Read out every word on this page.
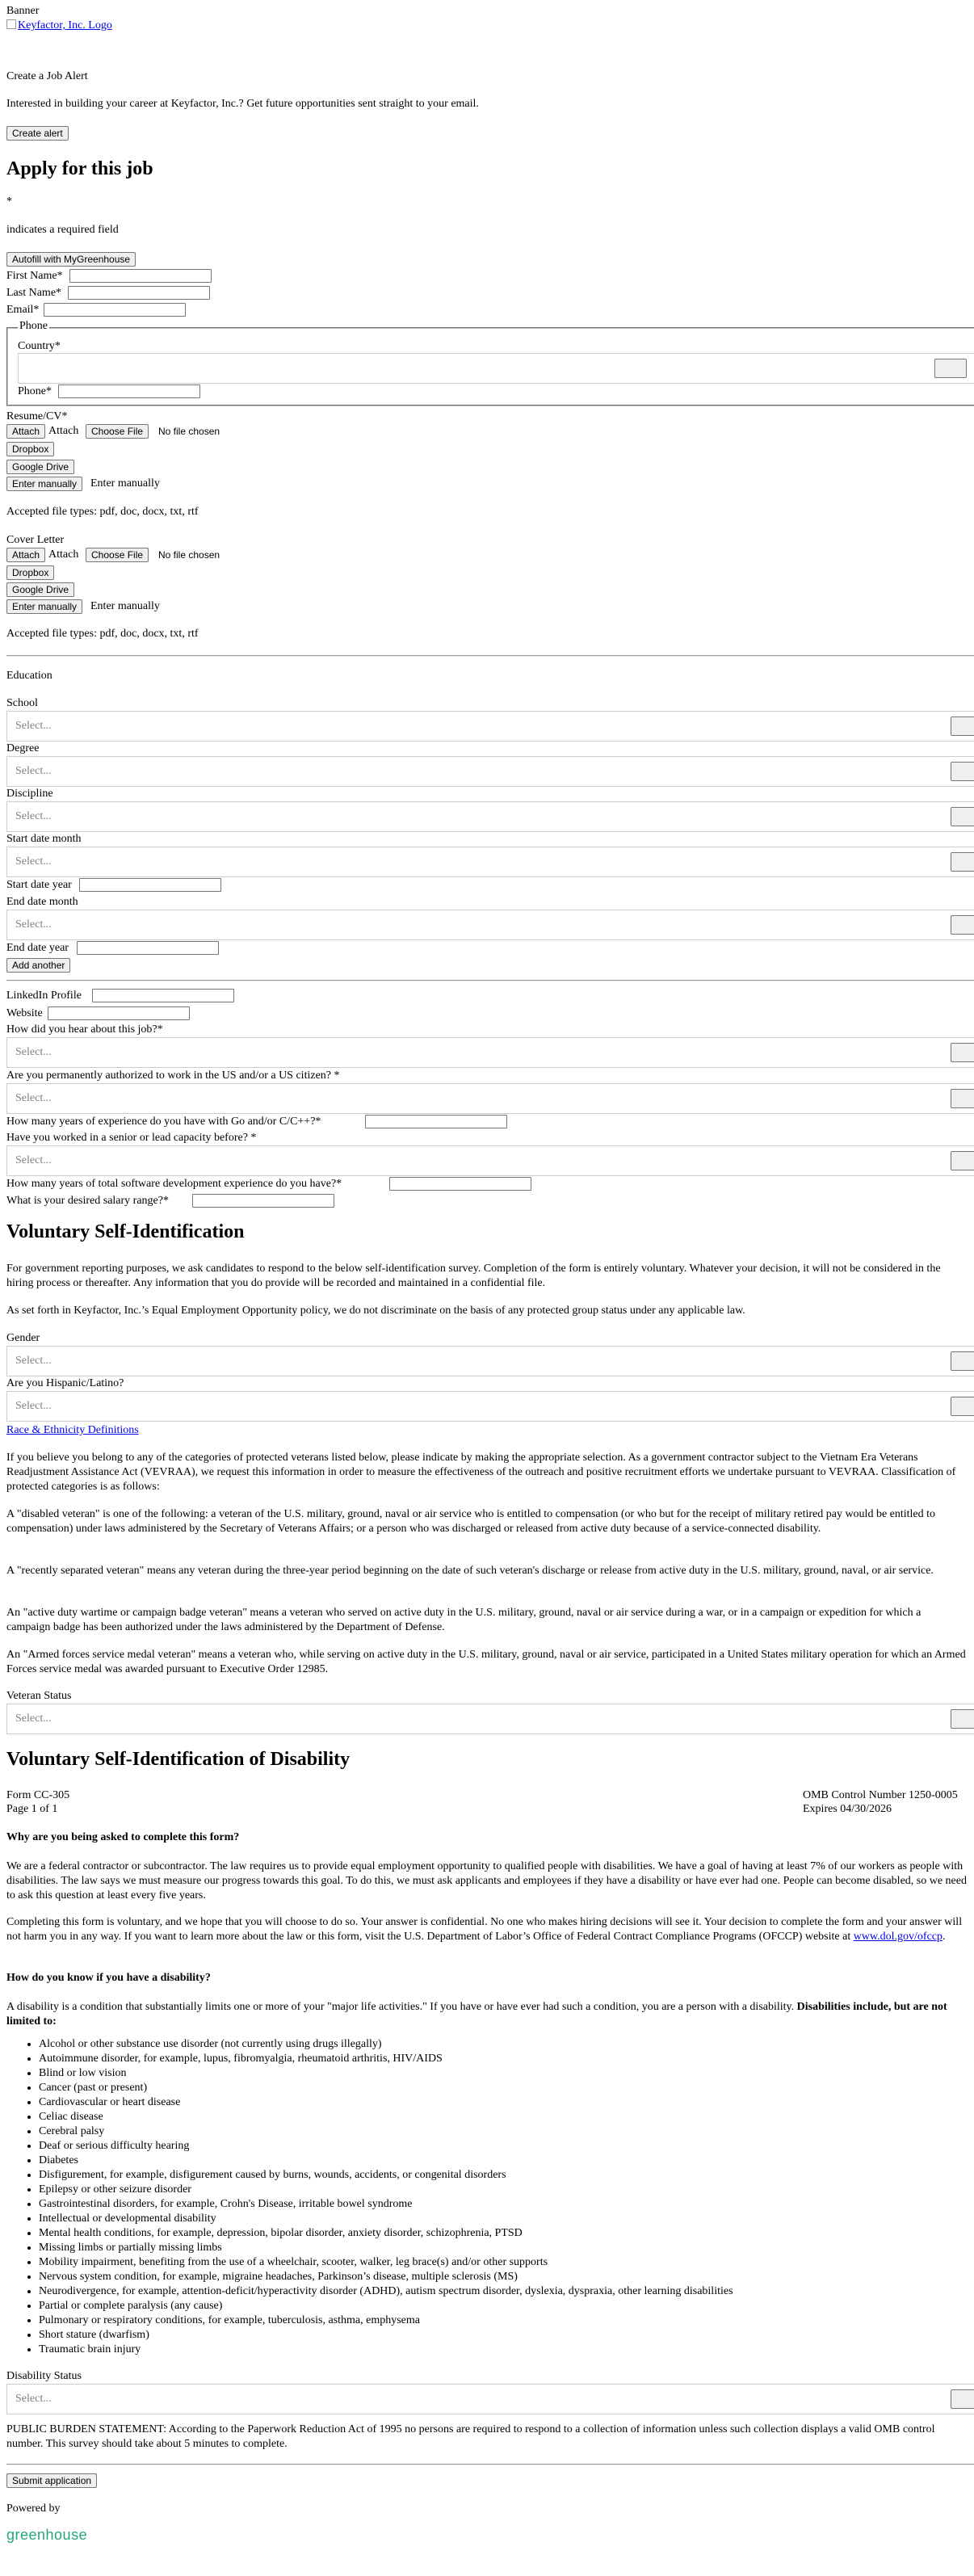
Banner
Keyfactor, Inc. Logo
Create a Job Alert
Interested in building your career at Keyfactor, Inc.? Get future opportunities sent straight to your email.
Create alert
Apply for this job
*
indicates a required field
Autofill with MyGreenhouse
First Name*
Last Name*
Email*
Phone
Country*
Phone*
Resume/CV*
Attach Attach	Choose File	No file chosen
Dropbox
Google Drive
Enter manually	Enter manually
Accepted file types: pdf, doc, docx, txt, rtf
Cover Letter
Attach Attach	Choose File	No file chosen
Dropbox
Google Drive
Enter manually	Enter manually
Accepted file types: pdf, doc, docx, txt, rtf
Education
School
Select...
Degree
Select...
Discipline
Select...
Start date month
Select...
Start date year
End date month
Select...
End date year
Add another
LinkedIn Profile
Website
How did you hear about this job?*
Select...
Are you permanently authorized to work in the US and/or a US citizen? *
Select...
How many years of experience do you have with Go and/or C/C++?*
Have you worked in a senior or lead capacity before? *
Select...
How many years of total software development experience do you have?*
What is your desired salary range?*
Voluntary Self-Identification
For government reporting purposes, we ask candidates to respond to the below self-identification survey. Completion of the form is entirely voluntary. Whatever your decision, it will not be considered in the hiring process or thereafter. Any information that you do provide will be recorded and maintained in a confidential file.
As set forth in Keyfactor, Inc.’s Equal Employment Opportunity policy, we do not discriminate on the basis of any protected group status under any applicable law.
Gender
Select...
Are you Hispanic/Latino?
Select...
Race & Ethnicity Definitions
If you believe you belong to any of the categories of protected veterans listed below, please indicate by making the appropriate selection. As a government contractor subject to the Vietnam Era Veterans Readjustment Assistance Act (VEVRAA), we request this information in order to measure the effectiveness of the outreach and positive recruitment efforts we undertake pursuant to VEVRAA. Classification of protected categories is as follows:
A "disabled veteran" is one of the following: a veteran of the U.S. military, ground, naval or air service who is entitled to compensation (or who but for the receipt of military retired pay would be entitled to compensation) under laws administered by the Secretary of Veterans Affairs; or a person who was discharged or released from active duty because of a service-connected disability.
A "recently separated veteran" means any veteran during the three-year period beginning on the date of such veteran's discharge or release from active duty in the U.S. military, ground, naval, or air service.
An "active duty wartime or campaign badge veteran" means a veteran who served on active duty in the U.S. military, ground, naval or air service during a war, or in a campaign or expedition for which a campaign badge has been authorized under the laws administered by the Department of Defense.
An "Armed forces service medal veteran" means a veteran who, while serving on active duty in the U.S. military, ground, naval or air service, participated in a United States military operation for which an Armed Forces service medal was awarded pursuant to Executive Order 12985.
Veteran Status
Select...
Voluntary Self-Identification of Disability
Form CC-305
Page 1 of 1
OMB Control Number 1250-0005
Expires 04/30/2026
Why are you being asked to complete this form?
We are a federal contractor or subcontractor. The law requires us to provide equal employment opportunity to qualified people with disabilities. We have a goal of having at least 7% of our workers as people with disabilities. The law says we must measure our progress towards this goal. To do this, we must ask applicants and employees if they have a disability or have ever had one. People can become disabled, so we need to ask this question at least every five years.
Completing this form is voluntary, and we hope that you will choose to do so. Your answer is confidential. No one who makes hiring decisions will see it. Your decision to complete the form and your answer will not harm you in any way. If you want to learn more about the law or this form, visit the U.S. Department of Labor’s Office of Federal Contract Compliance Programs (OFCCP) website at www.dol.gov/ofccp.
How do you know if you have a disability?
A disability is a condition that substantially limits one or more of your "major life activities." If you have or have ever had such a condition, you are a person with a disability. Disabilities include, but are not limited to:
• Alcohol or other substance use disorder (not currently using drugs illegally)
• Autoimmune disorder, for example, lupus, fibromyalgia, rheumatoid arthritis, HIV/AIDS
• Blind or low vision
• Cancer (past or present)
• Cardiovascular or heart disease
• Celiac disease
• Cerebral palsy
• Deaf or serious difficulty hearing
• Diabetes
• Disfigurement, for example, disfigurement caused by burns, wounds, accidents, or congenital disorders
• Epilepsy or other seizure disorder
• Gastrointestinal disorders, for example, Crohn's Disease, irritable bowel syndrome
• Intellectual or developmental disability
• Mental health conditions, for example, depression, bipolar disorder, anxiety disorder, schizophrenia, PTSD
• Missing limbs or partially missing limbs
• Mobility impairment, benefiting from the use of a wheelchair, scooter, walker, leg brace(s) and/or other supports
• Nervous system condition, for example, migraine headaches, Parkinson’s disease, multiple sclerosis (MS)
• Neurodivergence, for example, attention-deficit/hyperactivity disorder (ADHD), autism spectrum disorder, dyslexia, dyspraxia, other learning disabilities
• Partial or complete paralysis (any cause)
• Pulmonary or respiratory conditions, for example, tuberculosis, asthma, emphysema
• Short stature (dwarfism)
• Traumatic brain injury
Disability Status
Select...
PUBLIC BURDEN STATEMENT: According to the Paperwork Reduction Act of 1995 no persons are required to respond to a collection of information unless such collection displays a valid OMB control number. This survey should take about 5 minutes to complete.
Submit application
Powered by
greenhouse
